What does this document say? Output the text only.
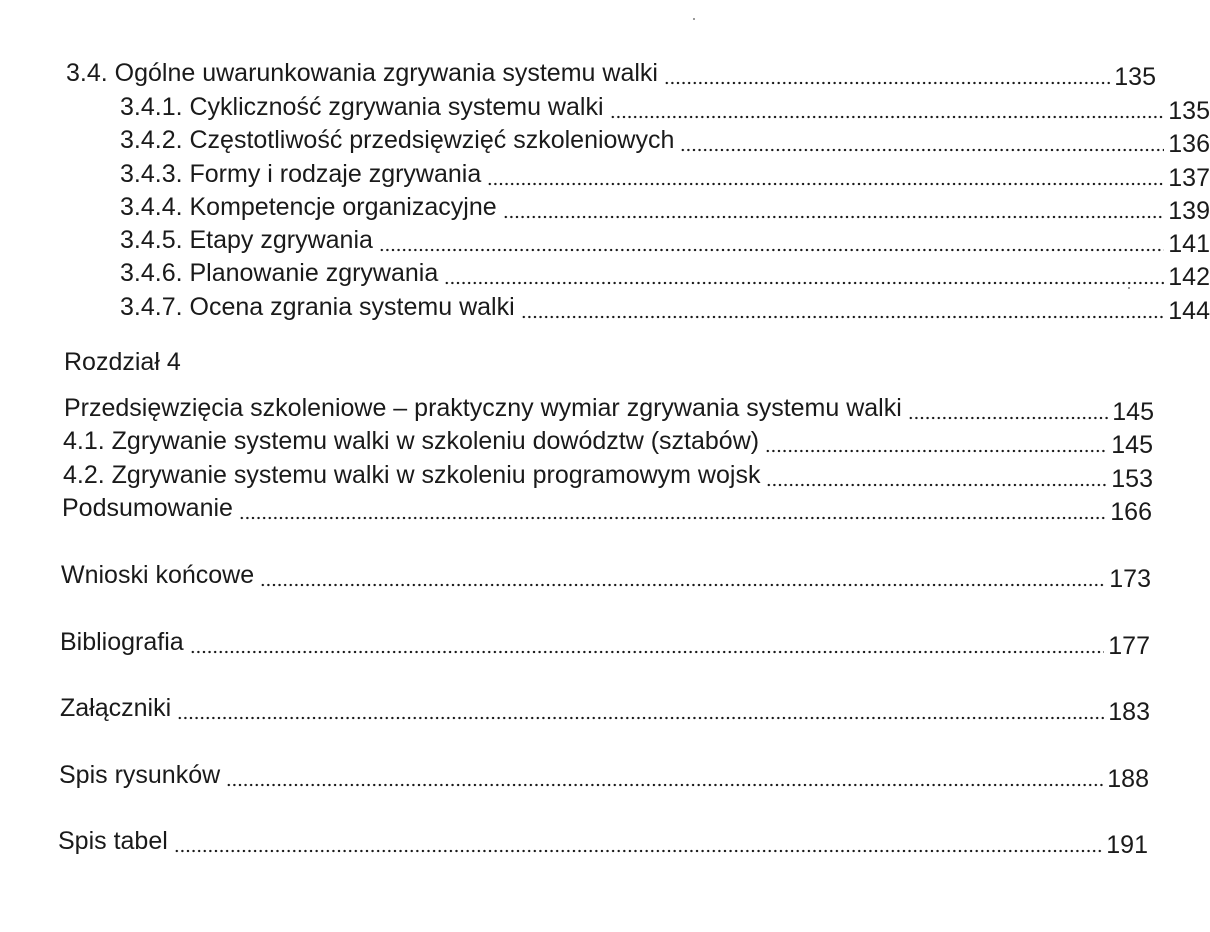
3.4. Ogólne uwarunkowania zgrywania systemu walki	135
3.4.1. Cykliczność zgrywania systemu walki	135
3.4.2. Częstotliwość przedsięwzięć szkoleniowych	136
3.4.3. Formy i rodzaje zgrywania	137
3.4.4. Kompetencje organizacyjne	139
3.4.5. Etapy zgrywania	141
3.4.6. Planowanie zgrywania	142
3.4.7. Ocena zgrania systemu walki	144
Rozdział 4
Przedsięwzięcia szkoleniowe – praktyczny wymiar zgrywania systemu walki	145
4.1. Zgrywanie systemu walki w szkoleniu dowództw (sztabów)	145
4.2. Zgrywanie systemu walki w szkoleniu programowym wojsk	153
Podsumowanie	166
Wnioski końcowe	173
Bibliografia	177
Załączniki	183
Spis rysunków	188
Spis tabel	191
